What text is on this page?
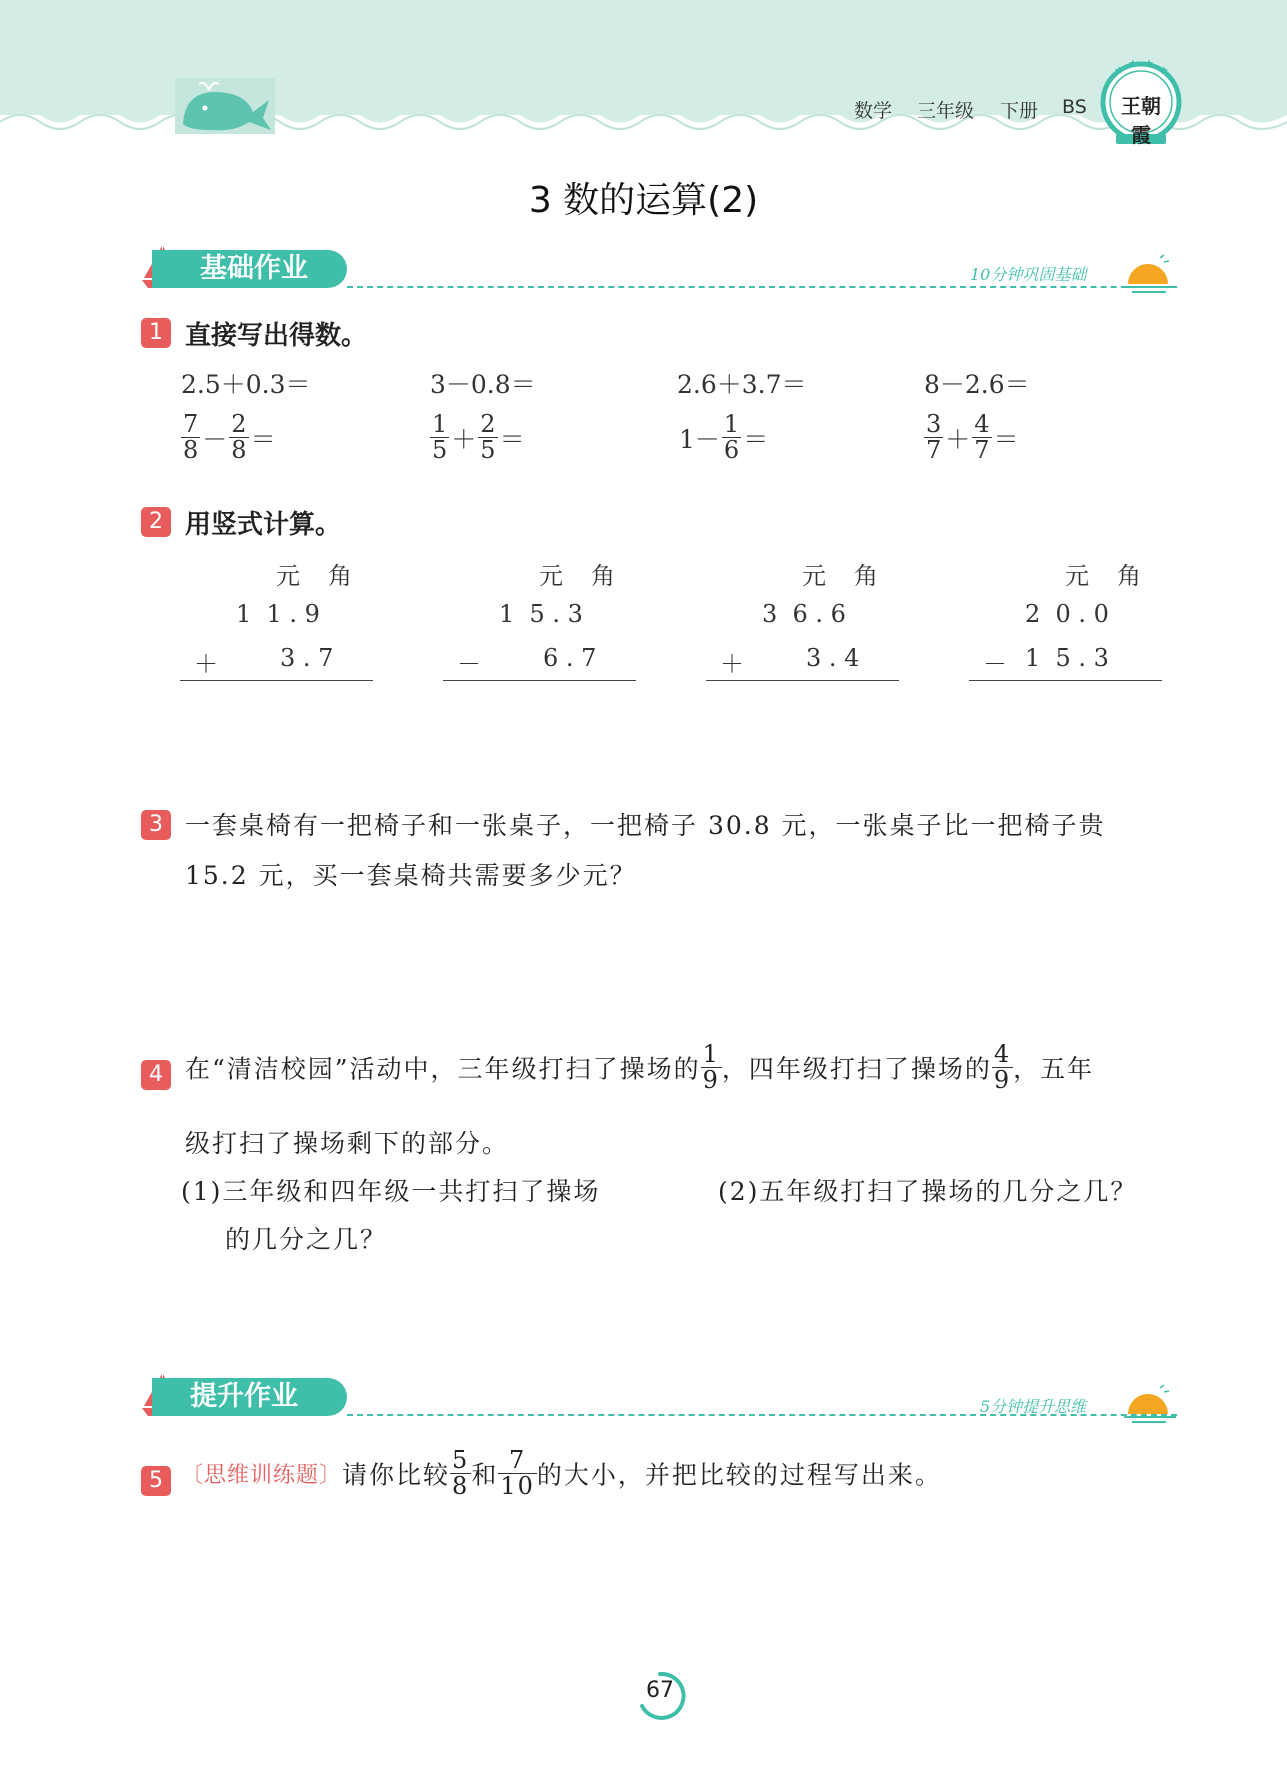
数学 三年级 下册 BS
★
★ ★
★
王朝霞
3 数的运算(2)
基础作业	10分钟巩固基础
1 直接写出得数。
2.5＋0.3＝	3－0.8＝	2.6＋3.7＝	8－2.6＝
$\frac{7}{8} - \frac{2}{8}$ ＝	$\frac{1}{5} + \frac{2}{5}$ ＝	$1- \frac{1}{6}$ ＝	$\frac{3}{7} + \frac{4}{7}$ ＝
2 用竖式计算。
元 角
1  1 . 9
＋	3 . 7
元 角
1  5 . 3
－	6 . 7
元 角
3  6 . 6
＋	3 . 4
元 角
2  0 . 0
－ 1  5 . 3
3 一套桌椅有一把椅子和一张桌子，一把椅子 30.8 元，一张桌子比一把椅子贵
15.2 元，买一套桌椅共需要多少元？
4 在“清洁校园”活动中，三年级打扫了操场的 $\frac{1}{9}$ ，四年级打扫了操场的 $\frac{4}{9}$ ，五年
级打扫了操场剩下的部分。
(1)三年级和四年级一共打扫了操场
的几分之几？
(2)五年级打扫了操场的几分之几？
提升作业	5分钟提升思维
5 〔思维训练题〕请你比较 $\frac{5}{8}$ 和 $\frac{7}{10}$ 的大小，并把比较的过程写出来。
67
